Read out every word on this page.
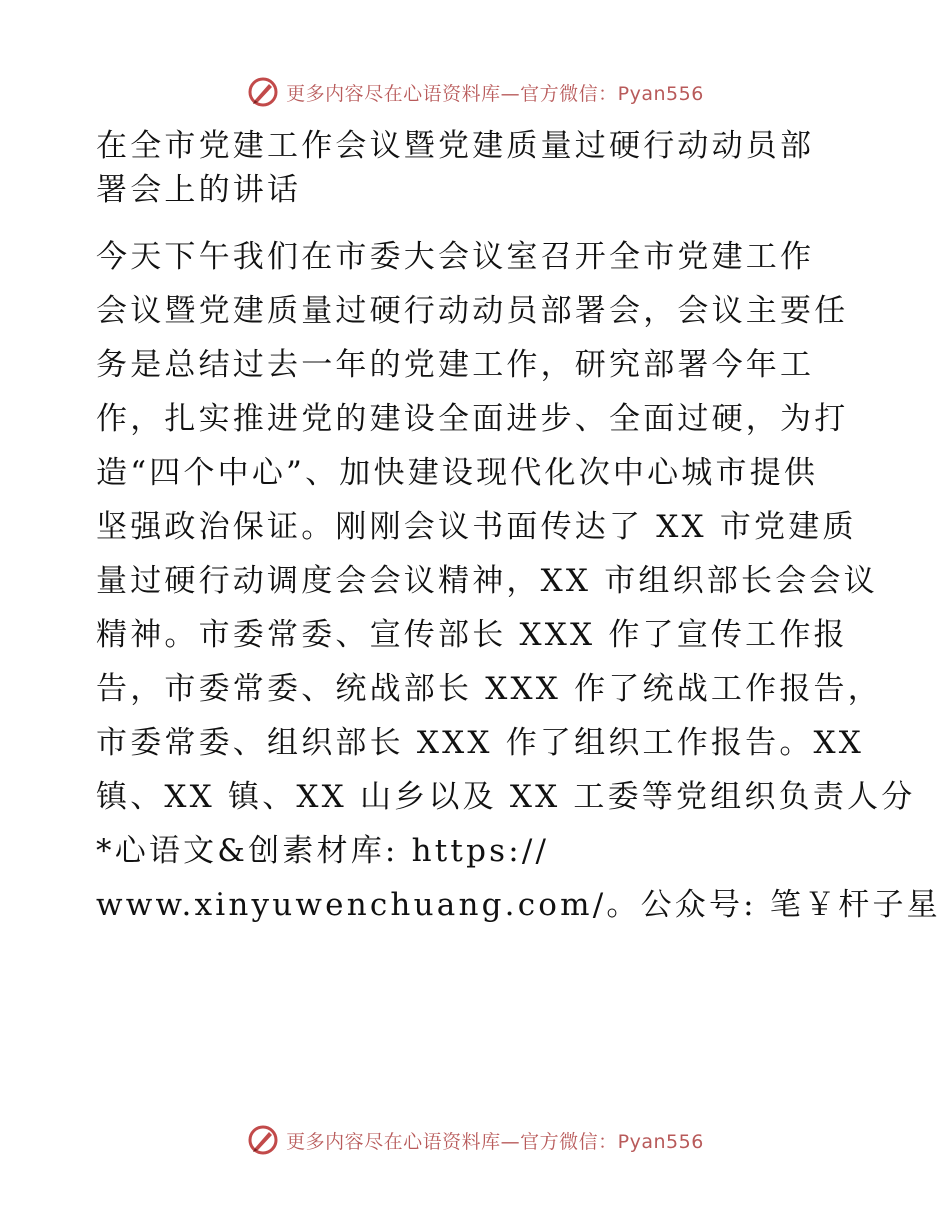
更多内容尽在心语资料库—官方微信：Pyan556
在全市党建工作会议暨党建质量过硬行动动员部
署会上的讲话

今天下午我们在市委大会议室召开全市党建工作
会议暨党建质量过硬行动动员部署会，会议主要任
务是总结过去一年的党建工作，研究部署今年工
作，扎实推进党的建设全面进步、全面过硬，为打
造“四个中心”、加快建设现代化次中心城市提供
坚强政治保证。刚刚会议书面传达了 XX 市党建质
量过硬行动调度会会议精神，XX 市组织部长会会议
精神。市委常委、宣传部长 XXX 作了宣传工作报
告，市委常委、统战部长 XXX 作了统战工作报告，
市委常委、组织部长 XXX 作了组织工作报告。XX
镇、XX 镇、XX 山乡以及 XX 工委等党组织负责人分
*心语文&创素材库: https://
www.xinyuwenchuang.com/。公众号: 笔￥杆子星

更多内容尽在心语资料库—官方微信：Pyan556
